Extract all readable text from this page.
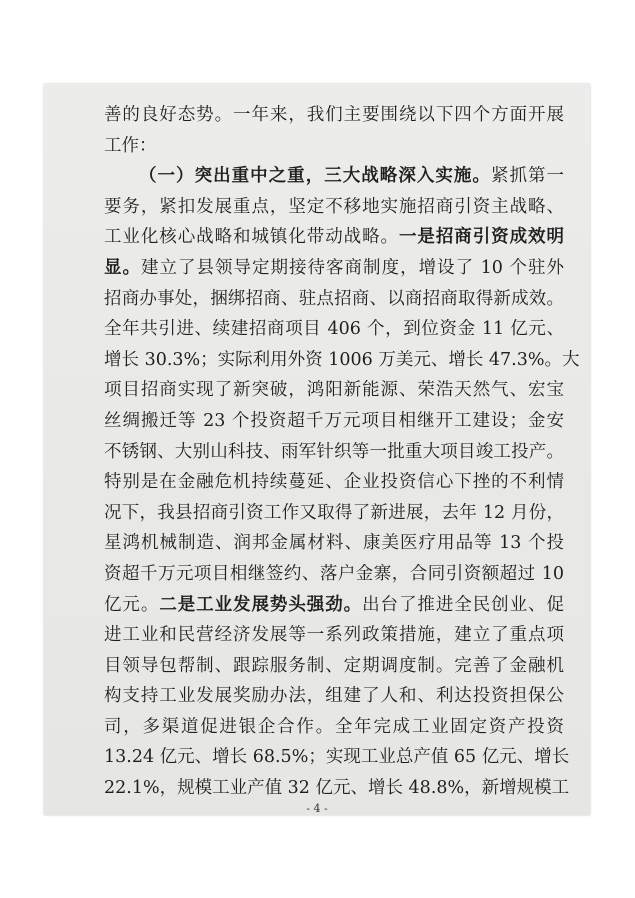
善的良好态势。一年来，我们主要围绕以下四个方面开展
工作：
（一）突出重中之重，三大战略深入实施。紧抓第一
要务，紧扣发展重点，坚定不移地实施招商引资主战略、
工业化核心战略和城镇化带动战略。一是招商引资成效明
显。建立了县领导定期接待客商制度，增设了 10 个驻外
招商办事处，捆绑招商、驻点招商、以商招商取得新成效。
全年共引进、续建招商项目 406 个，到位资金 11 亿元、
增长 30.3%；实际利用外资 1006 万美元、增长 47.3%。大
项目招商实现了新突破，鸿阳新能源、荣浩天然气、宏宝
丝绸搬迁等 23 个投资超千万元项目相继开工建设；金安
不锈钢、大别山科技、雨军针织等一批重大项目竣工投产。
特别是在金融危机持续蔓延、企业投资信心下挫的不利情
况下，我县招商引资工作又取得了新进展，去年 12 月份，
星鸿机械制造、润邦金属材料、康美医疗用品等 13 个投
资超千万元项目相继签约、落户金寨，合同引资额超过 10
亿元。二是工业发展势头强劲。出台了推进全民创业、促
进工业和民营经济发展等一系列政策措施，建立了重点项
目领导包帮制、跟踪服务制、定期调度制。完善了金融机
构支持工业发展奖励办法，组建了人和、利达投资担保公
司，多渠道促进银企合作。全年完成工业固定资产投资
13.24 亿元、增长 68.5%；实现工业总产值 65 亿元、增长
22.1%，规模工业产值 32 亿元、增长 48.8%，新增规模工
- 4 -
